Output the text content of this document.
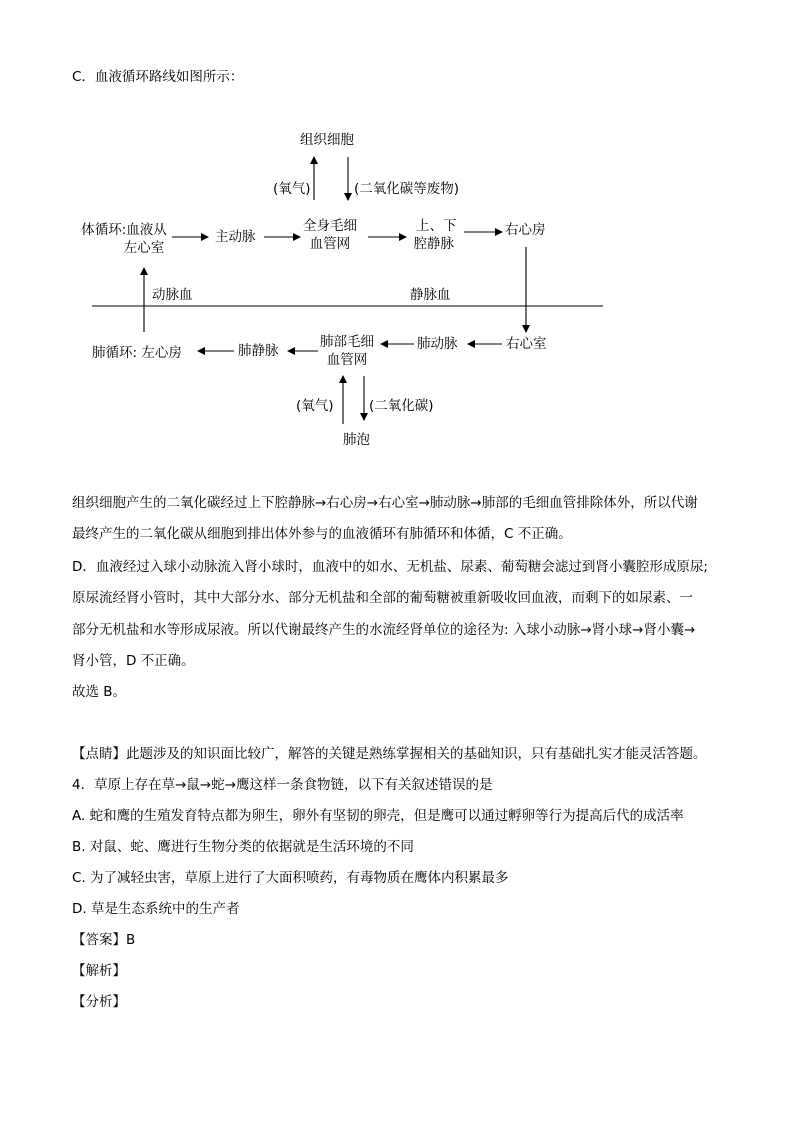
C．血液循环路线如图所示：
组织细胞
(氧气)	(二氧化碳等废物)
体循环:血液从
左心室
主动脉
全身毛细
血管网
上、下
腔静脉
右心房
动脉血	静脉血
肺循环: 左心房	肺静脉
肺部毛细
血管网
肺动脉	右心室
(氧气)	(二氧化碳)
肺泡
组织细胞产生的二氧化碳经过上下腔静脉→右心房→右心室→肺动脉→肺部的毛细血管排除体外，所以代谢
最终产生的二氧化碳从细胞到排出体外参与的血液循环有肺循环和体循，C 不正确。
D．血液经过入球小动脉流入肾小球时，血液中的如水、无机盐、尿素、葡萄糖会滤过到肾小囊腔形成原尿;
原尿流经肾小管时，其中大部分水、部分无机盐和全部的葡萄糖被重新吸收回血液，而剩下的如尿素、一
部分无机盐和水等形成尿液。所以代谢最终产生的水流经肾单位的途径为: 入球小动脉→肾小球→肾小囊→
肾小管，D 不正确。
故选 B。
【点睛】此题涉及的知识面比较广，解答的关键是熟练掌握相关的基础知识，只有基础扎实才能灵活答题。
4．草原上存在草→鼠→蛇→鹰这样一条食物链，以下有关叙述错误的是
A. 蛇和鹰的生殖发育特点都为卵生，卵外有坚韧的卵壳，但是鹰可以通过孵卵等行为提高后代的成活率
B. 对鼠、蛇、鹰进行生物分类的依据就是生活环境的不同
C. 为了减轻虫害，草原上进行了大面积喷药，有毒物质在鹰体内积累最多
D. 草是生态系统中的生产者
【答案】B
【解析】
【分析】
